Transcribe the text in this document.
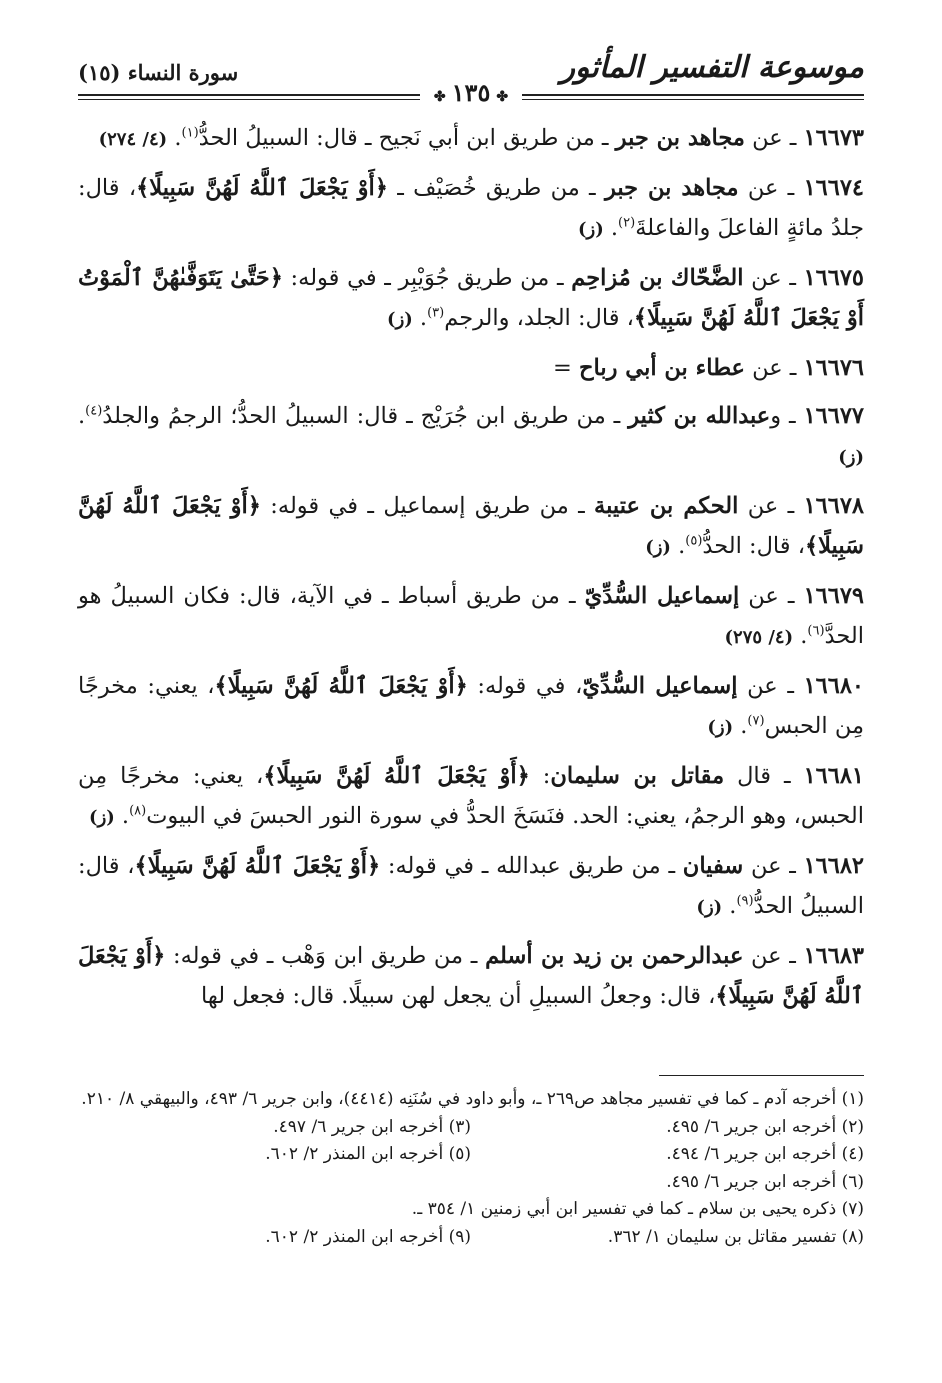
موسوعة التفسير المأثور
سورة النساء (١٥)
✤١٣٥✤

١٦٦٧٣ ـ عن مجاهد بن جبر ـ من طريق ابن أبي نَجيح ـ قال: السبيلُ الحدُّ$^{(١)}$. (٤/ ٢٧٤)

١٦٦٧٤ ـ عن مجاهد بن جبر ـ من طريق خُصَيْف ـ ﴿أَوْ يَجْعَلَ ٱللَّهُ لَهُنَّ سَبِيلًا﴾، قال: جلدُ مائةٍ الفاعلَ والفاعلةَ$^{(٢)}$. (ز)

١٦٦٧٥ ـ عن الضَّحّاك بن مُزاحِم ـ من طريق جُوَيْبِر ـ في قوله: ﴿حَتَّىٰ يَتَوَفَّىٰهُنَّ ٱلْمَوْتُ أَوْ يَجْعَلَ ٱللَّهُ لَهُنَّ سَبِيلًا﴾، قال: الجلد، والرجم$^{(٣)}$. (ز)

١٦٦٧٦ ـ عن عطاء بن أبي رباح =

١٦٦٧٧ ـ وعبدالله بن كثير ـ من طريق ابن جُرَيْج ـ قال: السبيلُ الحدُّ؛ الرجمُ والجلدُ$^{(٤)}$. (ز)

١٦٦٧٨ ـ عن الحكم بن عتيبة ـ من طريق إسماعيل ـ في قوله: ﴿أَوْ يَجْعَلَ ٱللَّهُ لَهُنَّ سَبِيلًا﴾، قال: الحدُّ$^{(٥)}$. (ز)

١٦٦٧٩ ـ عن إسماعيل السُّدِّيّ ـ من طريق أسباط ـ في الآية، قال: فكان السبيلُ هو الحدَّ$^{(٦)}$. (٤/ ٢٧٥)

١٦٦٨٠ ـ عن إسماعيل السُّدِّيّ، في قوله: ﴿أَوْ يَجْعَلَ ٱللَّهُ لَهُنَّ سَبِيلًا﴾، يعني: مخرجًا مِن الحبس$^{(٧)}$. (ز)

١٦٦٨١ ـ قال مقاتل بن سليمان: ﴿أَوْ يَجْعَلَ ٱللَّهُ لَهُنَّ سَبِيلًا﴾، يعني: مخرجًا مِن الحبس، وهو الرجمُ، يعني: الحد. فنَسَخَ الحدُّ في سورة النور الحبسَ في البيوت$^{(٨)}$. (ز)

١٦٦٨٢ ـ عن سفيان ـ من طريق عبدالله ـ في قوله: ﴿أَوْ يَجْعَلَ ٱللَّهُ لَهُنَّ سَبِيلًا﴾، قال: السبيلُ الحدُّ$^{(٩)}$. (ز)

١٦٦٨٣ ـ عن عبدالرحمن بن زيد بن أسلم ـ من طريق ابن وَهْب ـ في قوله: ﴿أَوْ يَجْعَلَ ٱللَّهُ لَهُنَّ سَبِيلًا﴾، قال: وجعلُ السبيلِ أن يجعل لهن سبيلًا. قال: فجعل لها

(١) أخرجه آدم ـ كما في تفسير مجاهد ص٢٦٩ ـ، وأبو داود في سُنَنِه (٤٤١٤)، وابن جرير ٦/ ٤٩٣، والبيهقي ٨/ ٢١٠.
(٢) أخرجه ابن جرير ٦/ ٤٩٥.
(٣) أخرجه ابن جرير ٦/ ٤٩٧.
(٤) أخرجه ابن جرير ٦/ ٤٩٤.
(٥) أخرجه ابن المنذر ٢/ ٦٠٢.
(٦) أخرجه ابن جرير ٦/ ٤٩٥.
(٧) ذكره يحيى بن سلام ـ كما في تفسير ابن أبي زمنين ١/ ٣٥٤ ـ.
(٨) تفسير مقاتل بن سليمان ١/ ٣٦٢.
(٩) أخرجه ابن المنذر ٢/ ٦٠٢.
